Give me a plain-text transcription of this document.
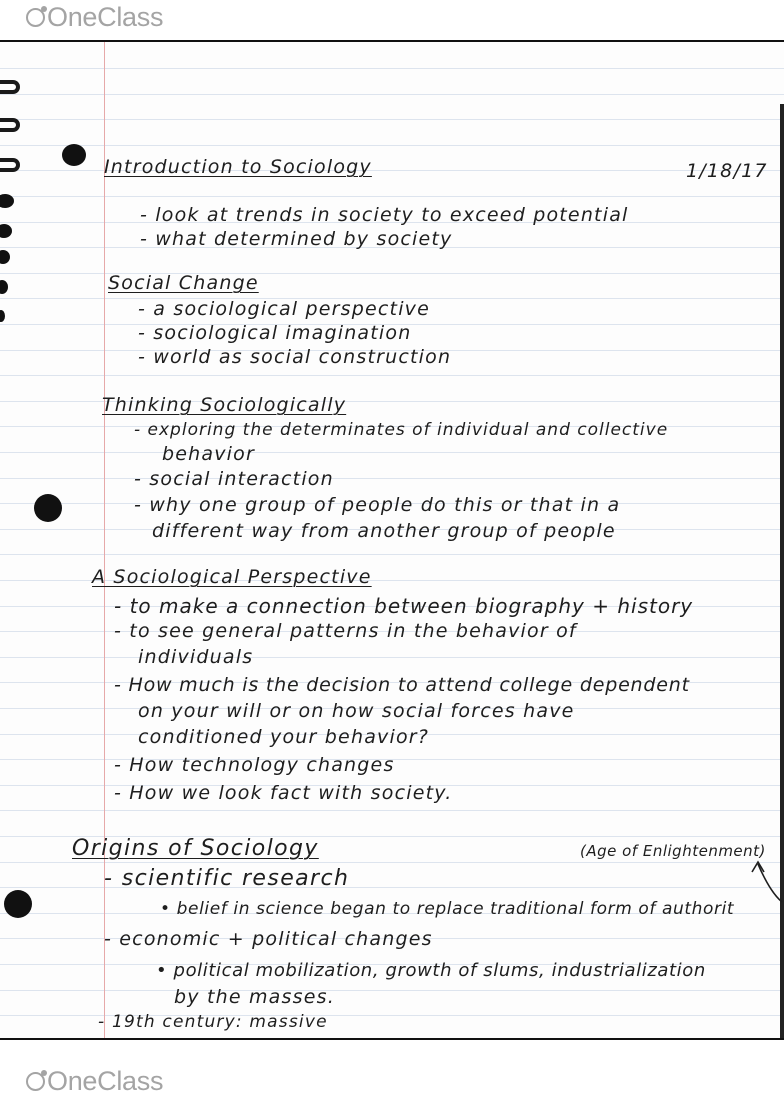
OneClass
1/18/17
Introduction to Sociology
- look at trends in society to exceed potential
- what determined by society
Social Change
- a sociological perspective
- sociological imagination
- world as social construction
Thinking Sociologically
- exploring the determinates of individual and collective
behavior
- social interaction
- why one group of people do this or that in a
different way from another group of people
A Sociological Perspective
- to make a connection between biography + history
- to see general patterns in the behavior of
individuals
- How much is the decision to attend college dependent
on your will or on how social forces have
conditioned your behavior?
- How technology changes
- How we look fact with society.
Origins of Sociology	(Age of Enlightenment)
- scientific research
• belief in science began to replace traditional form of authorit
- economic + political changes
• political mobilization, growth of slums, industrialization
by the masses.
- 19th century: massive
OneClass
